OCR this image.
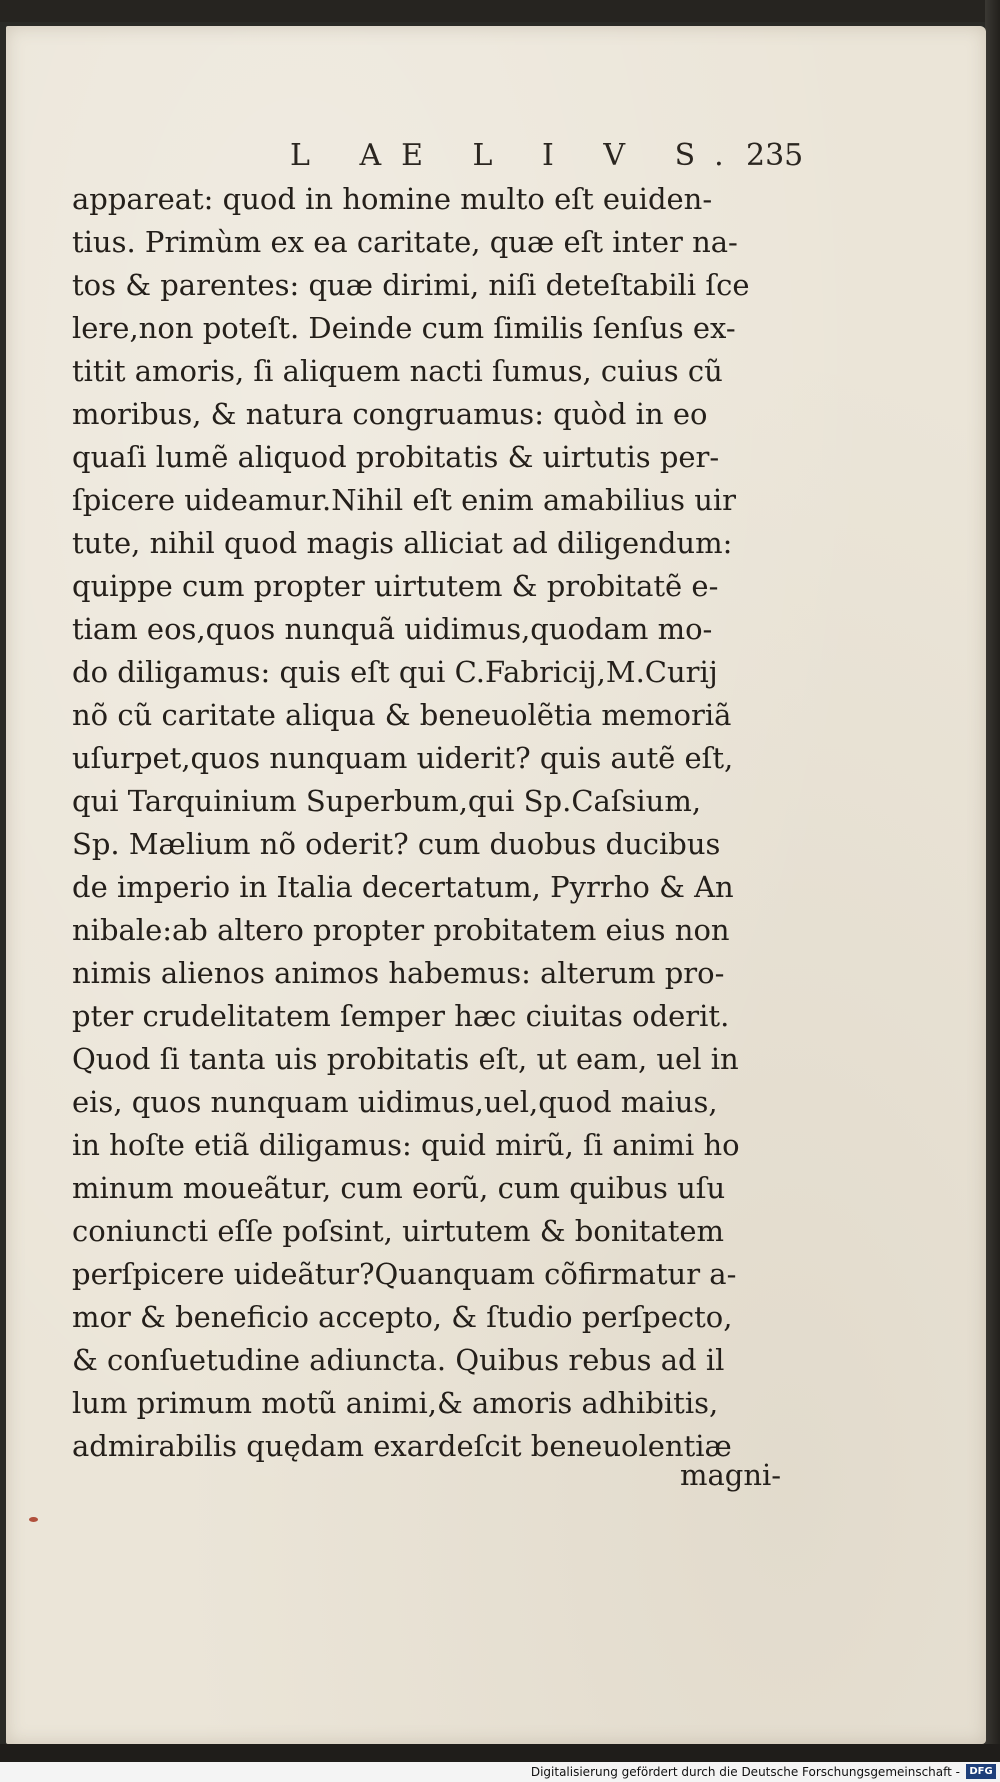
L AE L I V S. 235
appareat: quod in homine multo eſt euiden-
tius. Primùm ex ea caritate, quæ eſt inter na-
tos & parentes: quæ dirimi, niſi deteſtabili ſce
lere,non poteſt. Deinde cum ſimilis ſenſus ex-
titit amoris, ſi aliquem nacti ſumus, cuius cũ
moribus, & natura congruamus: quòd in eo
quaſi lumẽ aliquod probitatis & uirtutis per-
ſpicere uideamur.Nihil eſt enim amabilius uir
tute, nihil quod magis alliciat ad diligendum:
quippe cum propter uirtutem & probitatẽ e-
tiam eos,quos nunquã uidimus,quodam mo-
do diligamus: quis eſt qui C.Fabricij,M.Curij
nõ cũ caritate aliqua & beneuolẽtia memoriã
uſurpet,quos nunquam uiderit? quis autẽ eſt,
qui Tarquinium Superbum,qui Sp.Caſsium,
Sp. Mælium nõ oderit? cum duobus ducibus
de imperio in Italia decertatum, Pyrrho & An
nibale:ab altero propter probitatem eius non
nimis alienos animos habemus: alterum pro-
pter crudelitatem ſemper hæc ciuitas oderit.
Quod ſi tanta uis probitatis eſt, ut eam, uel in
eis, quos nunquam uidimus,uel,quod maius,
in hoſte etiã diligamus: quid mirũ, ſi animi ho
minum moueãtur, cum eorũ, cum quibus uſu
coniuncti eſſe poſsint, uirtutem & bonitatem
perſpicere uideãtur?Quanquam cõfirmatur a-
mor & beneficio accepto, & ſtudio perſpecto,
& conſuetudine adiuncta. Quibus rebus ad il
lum primum motũ animi,& amoris adhibitis,
admirabilis quędam exardeſcit beneuolentiæ
magni-
Digitalisierung gefördert durch die Deutsche Forschungsgemeinschaft - DFG
